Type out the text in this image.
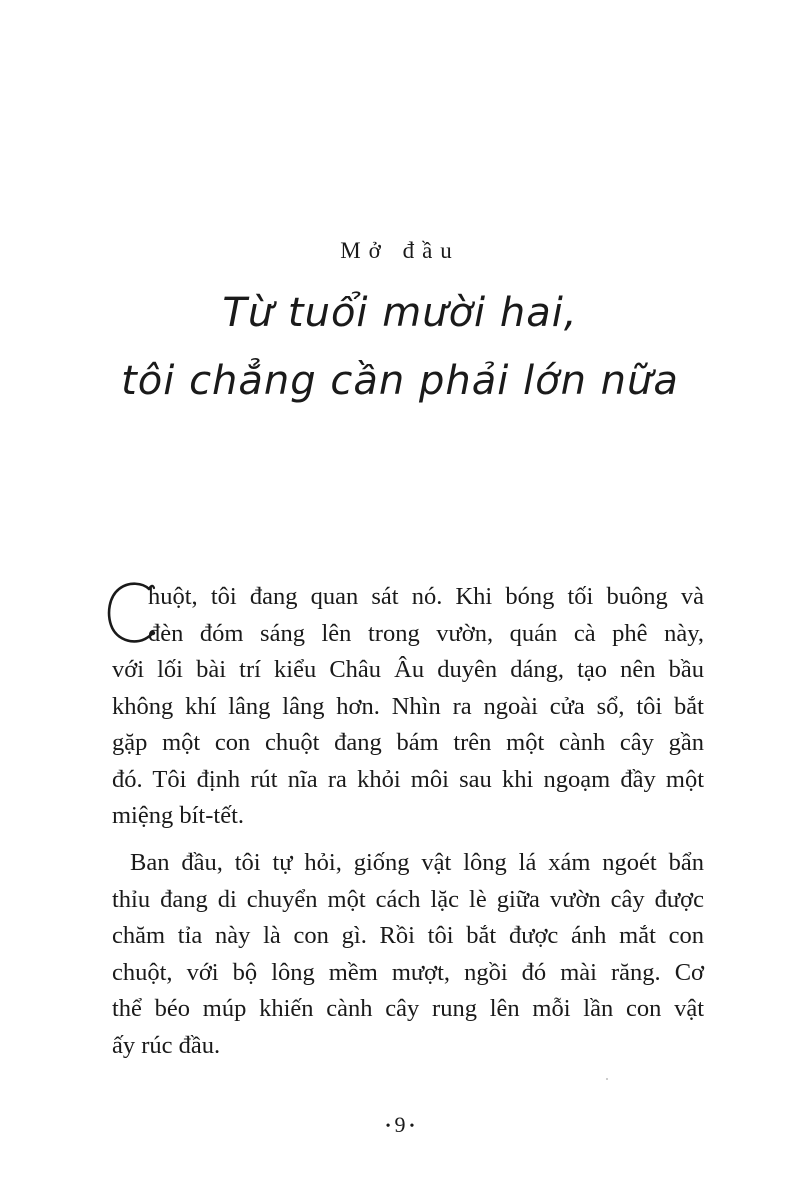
Mở đầu
Từ tuổi mười hai,
tôi chẳng cần phải lớn nữa
huột, tôi đang quan sát nó. Khi bóng tối buông và
đèn đóm sáng lên trong vườn, quán cà phê này,
với lối bài trí kiểu Châu Âu duyên dáng, tạo nên bầu
không khí lâng lâng hơn. Nhìn ra ngoài cửa sổ, tôi bắt
gặp một con chuột đang bám trên một cành cây gần
đó. Tôi định rút nĩa ra khỏi môi sau khi ngoạm đầy một
miệng bít-tết.
Ban đầu, tôi tự hỏi, giống vật lông lá xám ngoét bẩn
thỉu đang di chuyển một cách lặc lè giữa vườn cây được
chăm tỉa này là con gì. Rồi tôi bắt được ánh mắt con
chuột, với bộ lông mềm mượt, ngồi đó mài răng. Cơ
thể béo múp khiến cành cây rung lên mỗi lần con vật
ấy rúc đầu.
• 9 •
